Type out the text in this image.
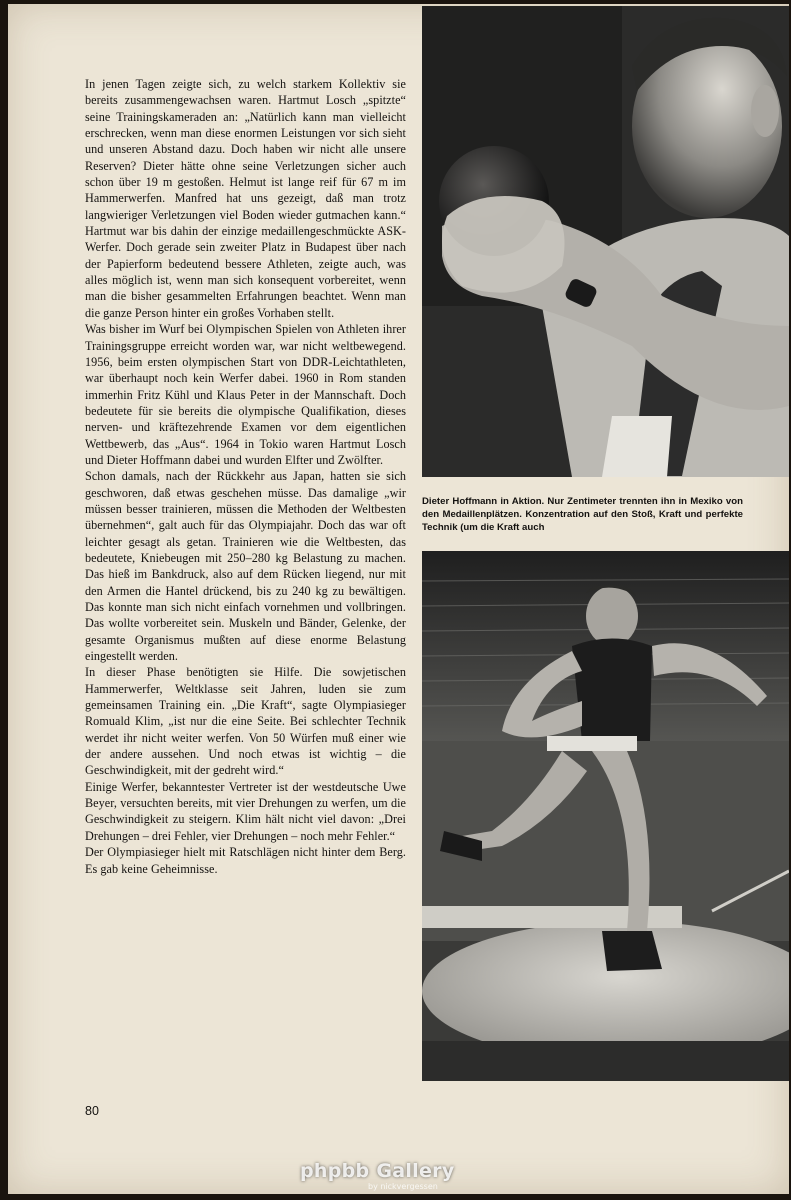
In jenen Tagen zeigte sich, zu welch starkem Kollektiv sie bereits zusammengewachsen waren. Hartmut Losch „spitzte“ seine Trainingskameraden an: „Natürlich kann man vielleicht erschrecken, wenn man diese enormen Leistungen vor sich sieht und unseren Abstand dazu. Doch haben wir nicht alle unsere Reserven? Dieter hätte ohne seine Verletzungen sicher auch schon über 19 m gestoßen. Helmut ist lange reif für 67 m im Hammerwerfen. Manfred hat uns gezeigt, daß man trotz langwieriger Verletzungen viel Boden wieder gutmachen kann.“ Hartmut war bis dahin der einzige medaillengeschmückte ASK-Werfer. Doch gerade sein zweiter Platz in Budapest über nach der Papierform bedeutend bessere Athleten, zeigte auch, was alles möglich ist, wenn man sich konsequent vorbereitet, wenn man die bisher gesammelten Erfahrungen beachtet. Wenn man die ganze Person hinter ein großes Vorhaben stellt.

Was bisher im Wurf bei Olympischen Spielen von Athleten ihrer Trainingsgruppe erreicht worden war, war nicht weltbewegend. 1956, beim ersten olympischen Start von DDR-Leichtathleten, war überhaupt noch kein Werfer dabei. 1960 in Rom standen immerhin Fritz Kühl und Klaus Peter in der Mannschaft. Doch bedeutete für sie bereits die olympische Qualifikation, dieses nerven- und kräftezehrende Examen vor dem eigentlichen Wettbewerb, das „Aus“. 1964 in Tokio waren Hartmut Losch und Dieter Hoffmann dabei und wurden Elfter und Zwölfter.

Schon damals, nach der Rückkehr aus Japan, hatten sie sich geschworen, daß etwas geschehen müsse. Das damalige „wir müssen besser trainieren, müssen die Methoden der Weltbesten übernehmen“, galt auch für das Olympiajahr. Doch das war oft leichter gesagt als getan. Trainieren wie die Weltbesten, das bedeutete, Kniebeugen mit 250–280 kg Belastung zu machen. Das hieß im Bankdruck, also auf dem Rücken liegend, nur mit den Armen die Hantel drückend, bis zu 240 kg zu bewältigen. Das konnte man sich nicht einfach vornehmen und vollbringen. Das wollte vorbereitet sein. Muskeln und Bänder, Gelenke, der gesamte Organismus mußten auf diese enorme Belastung eingestellt werden.

In dieser Phase benötigten sie Hilfe. Die sowjetischen Hammerwerfer, Weltklasse seit Jahren, luden sie zum gemeinsamen Training ein. „Die Kraft“, sagte Olympiasieger Romuald Klim, „ist nur die eine Seite. Bei schlechter Technik werdet ihr nicht weiter werfen. Von 50 Würfen muß einer wie der andere aussehen. Und noch etwas ist wichtig – die Geschwindigkeit, mit der gedreht wird.“

Einige Werfer, bekanntester Vertreter ist der westdeutsche Uwe Beyer, versuchten bereits, mit vier Drehungen zu werfen, um die Geschwindigkeit zu steigern. Klim hält nicht viel davon: „Drei Drehungen – drei Fehler, vier Drehungen – noch mehr Fehler.“

Der Olympiasieger hielt mit Ratschlägen nicht hinter dem Berg. Es gab keine Geheimnisse.

Dieter Hoffmann in Aktion. Nur Zentimeter trennten ihn in Mexiko von den Medaillenplätzen. Konzentration auf den Stoß, Kraft und perfekte Technik (um die Kraft auch
80
phpbb Gallery
by nickvergessen
